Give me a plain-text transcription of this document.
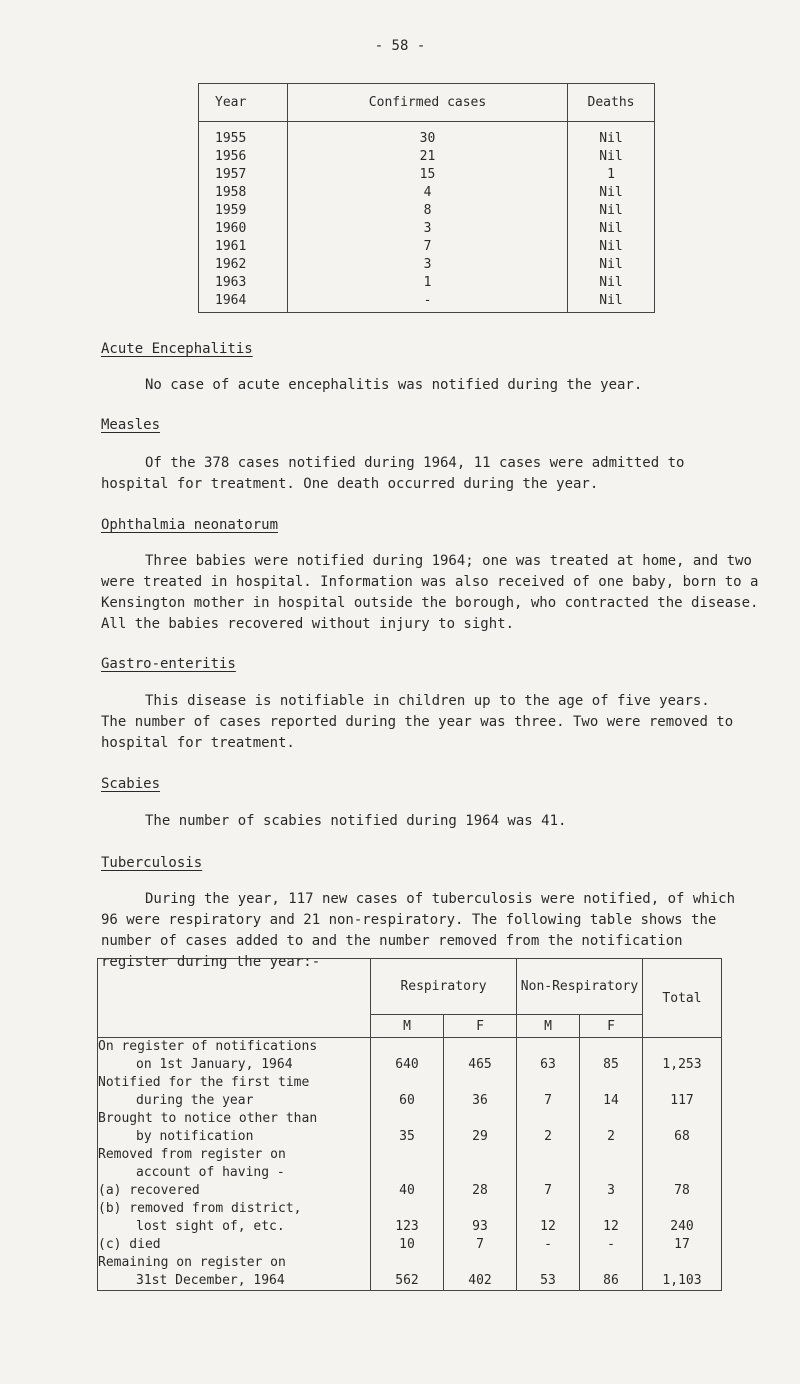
- 58 -
Year	Confirmed cases	Deaths
1955	30	Nil
1956	21	Nil
1957	15	1
1958	4	Nil
1959	8	Nil
1960	3	Nil
1961	7	Nil
1962	3	Nil
1963	1	Nil
1964	-	Nil
Acute Encephalitis
No case of acute encephalitis was notified during the year.
Measles
Of the 378 cases notified during 1964, 11 cases were admitted to hospital for treatment. One death occurred during the year.
Ophthalmia neonatorum
Three babies were notified during 1964; one was treated at home, and two were treated in hospital. Information was also received of one baby, born to a Kensington mother in hospital outside the borough, who contracted the disease. All the babies recovered without injury to sight.
Gastro-enteritis
This disease is notifiable in children up to the age of five years. The number of cases reported during the year was three. Two were removed to hospital for treatment.
Scabies
The number of scabies notified during 1964 was 41.
Tuberculosis
During the year, 117 new cases of tuberculosis were notified, of which 96 were respiratory and 21 non-respiratory. The following table shows the number of cases added to and the number removed from the notification register during the year:-
	Respiratory		Non-Respiratory		Total
	M	F	M	F	

On register of notifications
on 1st January, 1964	640	465	63	85	1,253

Notified for the first time
during the year	60	36	7	14	117

Brought to notice other than
by notification	35	29	2	2	68

Removed from register on
account of having -					

(a) recovered	40	28	7	3	78

(b) removed from district,
lost sight of, etc.	123	93	12	12	240

(c) died	10	7	-	-	17

Remaining on register on
31st December, 1964	562	402	53	86	1,103
